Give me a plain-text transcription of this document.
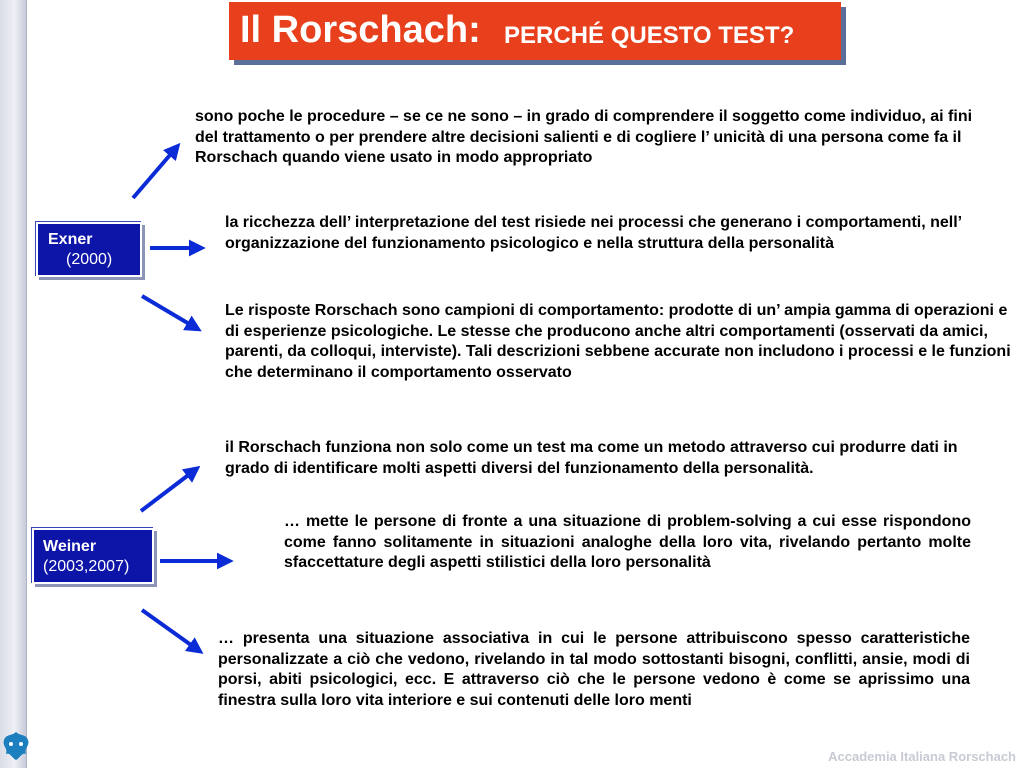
Il Rorschach: PERCHÉ QUESTO TEST?
Exner
(2000)
Weiner
(2003,2007)

sono poche le procedure – se ce ne sono – in grado di comprendere il soggetto come individuo, ai fini del trattamento o per prendere altre decisioni salienti e di cogliere l’ unicità di una persona come fa il Rorschach quando viene usato in modo appropriato

la ricchezza dell’ interpretazione del test risiede nei processi che generano i comportamenti, nell’ organizzazione del funzionamento psicologico e nella struttura della personalità

Le risposte Rorschach sono campioni di comportamento: prodotte di un’ ampia gamma di operazioni e di esperienze psicologiche. Le stesse che producono anche altri comportamenti (osservati da amici, parenti, da colloqui, interviste). Tali descrizioni sebbene accurate non includono i processi e le funzioni che determinano il comportamento osservato

il Rorschach funziona non solo come un test ma come un metodo attraverso cui produrre dati in grado di identificare molti aspetti diversi del funzionamento della personalità.

… mette le persone di fronte a una situazione di problem-solving a cui esse rispondono come fanno solitamente in situazioni analoghe della loro vita, rivelando pertanto molte sfaccettature degli aspetti stilistici della loro personalità

… presenta una situazione associativa in cui le persone attribuiscono spesso caratteristiche personalizzate a ciò che vedono, rivelando in tal modo sottostanti bisogni, conflitti, ansie, modi di porsi, abiti psicologici, ecc. E attraverso ciò che le persone vedono è come se aprissimo una finestra sulla loro vita interiore e sui contenuti delle loro menti

Accademia Italiana Rorschach
